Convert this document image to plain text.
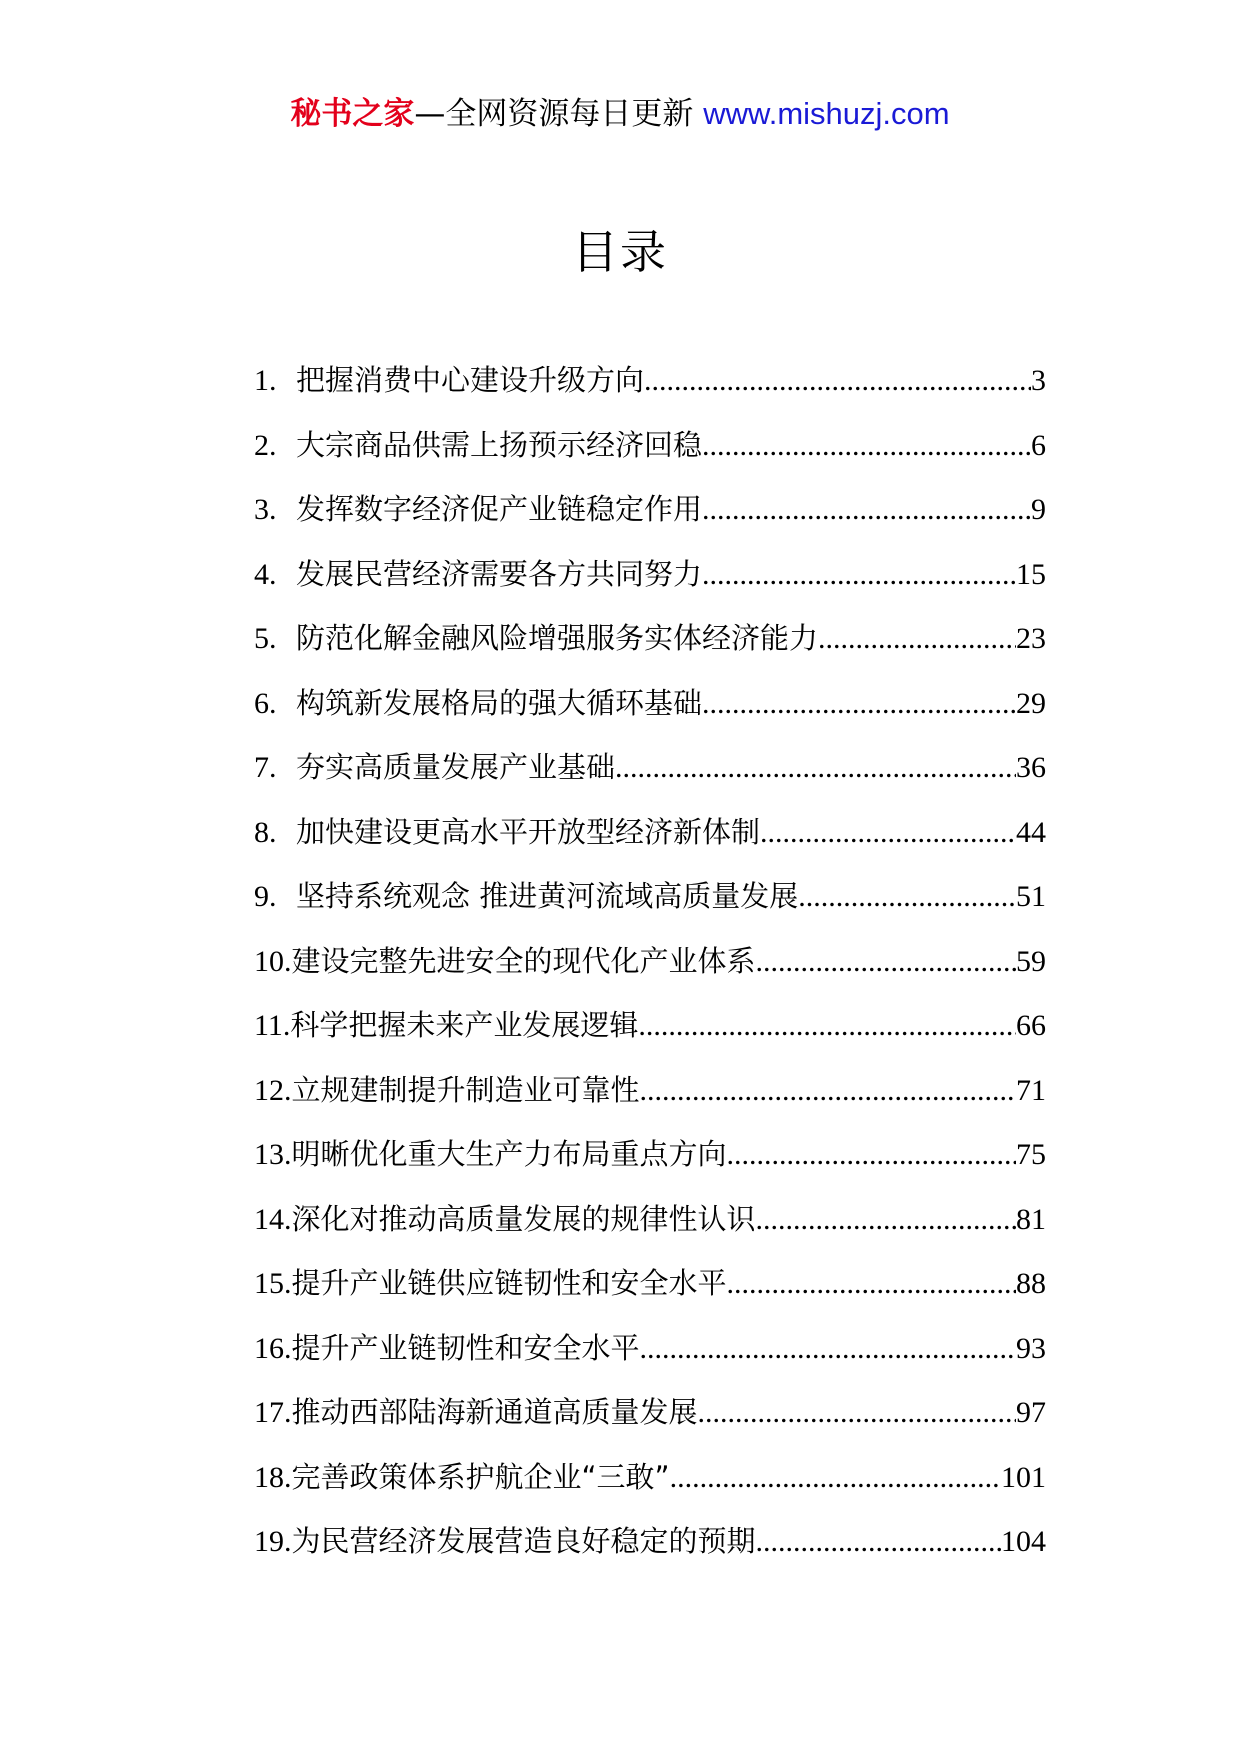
秘书之家—全网资源每日更新 www.mishuzj.com
目录
1. 把握消费中心建设升级方向 .....	3
2. 大宗商品供需上扬预示经济回稳 .....	6
3. 发挥数字经济促产业链稳定作用 .....	9
4. 发展民营经济需要各方共同努力 .....	15
5. 防范化解金融风险增强服务实体经济能力 .....	23
6. 构筑新发展格局的强大循环基础 .....	29
7. 夯实高质量发展产业基础 .....	36
8. 加快建设更高水平开放型经济新体制 .....	44
9. 坚持系统观念 推进黄河流域高质量发展 .....	51
10. 建设完整先进安全的现代化产业体系 .....	59
11. 科学把握未来产业发展逻辑 .....	66
12. 立规建制提升制造业可靠性 .....	71
13. 明晰优化重大生产力布局重点方向 .....	75
14. 深化对推动高质量发展的规律性认识 .....	81
15. 提升产业链供应链韧性和安全水平 .....	88
16. 提升产业链韧性和安全水平 .....	93
17. 推动西部陆海新通道高质量发展 .....	97
18. 完善政策体系护航企业“三敢” .....	101
19. 为民营经济发展营造良好稳定的预期 .....	104
